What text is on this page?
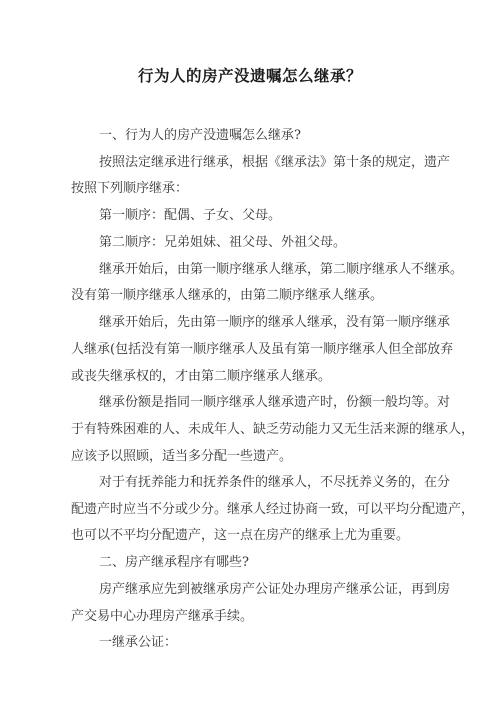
行为人的房产没遗嘱怎么继承？
一、行为人的房产没遗嘱怎么继承?
按照法定继承进行继承，根据《继承法》第十条的规定，遗产
按照下列顺序继承：
第一顺序：配偶、子女、父母。
第二顺序：兄弟姐妹、祖父母、外祖父母。
继承开始后，由第一顺序继承人继承，第二顺序继承人不继承。
没有第一顺序继承人继承的，由第二顺序继承人继承。
继承开始后，先由第一顺序的继承人继承，没有第一顺序继承
人继承(包括没有第一顺序继承人及虽有第一顺序继承人但全部放弃
或丧失继承权的，才由第二顺序继承人继承。
继承份额是指同一顺序继承人继承遗产时，份额一般均等。对
于有特殊困难的人、未成年人、缺乏劳动能力又无生活来源的继承人，
应该予以照顾，适当多分配一些遗产。
对于有抚养能力和抚养条件的继承人，不尽抚养义务的，在分
配遗产时应当不分或少分。继承人经过协商一致，可以平均分配遗产，
也可以不平均分配遗产，这一点在房产的继承上尤为重要。
二、房产继承程序有哪些?
房产继承应先到被继承房产公证处办理房产继承公证，再到房
产交易中心办理房产继承手续。
一继承公证：
